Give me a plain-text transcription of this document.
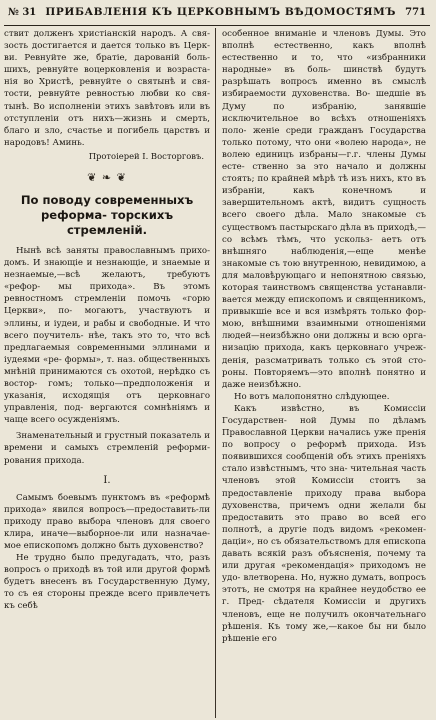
№ 31 ПРИБАВЛЕНІЯ КЪ ЦЕРКОВНЫМЪ ВѢДОМОСТЯМЪ 771

ствит долженъ христіанскій народъ. А свя- зость достигается и дается только въ Церк- ви. Ревнуйте же, братіе, дарованій боль- шихъ, ревнуйте воцерковленія и возраста- нія во Христѣ, ревнуйте о святынѣ и свя- тости, ревнуйте ревностью любви ко свя- тынѣ. Во исполненіи этихъ завѣтовъ или въ отступленіи отъ нихъ—жизнь и смерть, благо и зло, счастье и погибель царствъ и народовъ! Аминь.

Протоіерей І. Восторговъ.
❦ ❧ ❦
По поводу современныхъ реформа- торскихъ стремленій.

Нынѣ всѣ заняты православнымъ прихо- домъ. И знающіе и незнающіе, и знаемые и незнаемые,—всѣ желаютъ, требуютъ «рефор- мы прихода». Въ этомъ ревностномъ стремленіи помочь «горю Церкви», по- могаютъ, участвуютъ и эллины, и іудеи, и рабы и свободные. И что всего поучитель- нѣе, такъ это то, что всѣ предлагаемыя современными эллинами и іудеями «ре- формы», т. наз. общественныхъ мнѣній принимаются съ охотой, нерѣдко съ востор- гомъ; только—предположенія и указанія, исходящія отъ церковнаго управленія, под- вергаются сомнѣніямъ и чаще всего осужденіямъ.

Знаменательный и грустный показатель и времени и самыхъ стремленій реформи- рования прихода.

I.

Самымъ боевымъ пунктомъ въ «реформѣ прихода» явился вопросъ—предоставить-ли приходу право выбора членовъ для своего клира, иначе—выборное-ли или назначае- мое епископомъ должно быть духовенство?

Не трудно было предугадать, что, разъ вопросъ о приходѣ въ той или другой формѣ будетъ внесенъ въ Государственную Думу, то съ ея стороны прежде всего привлечетъ къ себѣ

особенное вниманіе и членовъ Думы. Это вполнѣ естественно, какъ вполнѣ естественно и то, что «избранники народные» въ боль- шинствѣ будутъ разрѣшать вопросъ именно въ смыслѣ избираемости духовенства. Во- шедшіе въ Думу по избранію, занявшіе исключительное во всѣхъ отношеніяхъ поло- женіе среди гражданъ Государства только потому, что они «волею народа», не волею единицъ избраны—г.г. члены Думы есте- ственно за это начало и должны стоять; по крайней мѣрѣ тѣ изъ нихъ, кто въ избраніи, какъ конечномъ и завершительномъ актѣ, видитъ сущность всего своего дѣла. Мало знакомые съ существомъ пастырскаго дѣла въ приходѣ,—со всѣмъ тѣмъ, что ускольз- аетъ отъ внѣшняго наблюденія,—еще менѣе знакомые съ тою внутренною, невидимою, а для маловѣрующаго и непонятною связью, которая таинствомъ священства устанавли- вается между епископомъ и священникомъ, привыкшіе все и вся измѣрять только фор- мою, внѣшними взаимными отношеніями людей—неизбѣжно они должны и всю орга- низацію прихода, какъ церковнаго учреж- денія, разсматривать только съ этой сто- роны. Повторяемъ—это вполнѣ понятно и даже неизбѣжно.

Но вотъ малопонятно слѣдующее.

Какъ извѣстно, въ Комиссіи Государствен- ной Думы по дѣламъ Православной Церкви начались уже пренія по вопросу о реформѣ прихода. Изъ появившихся сообщеній объ этихъ преніяхъ стало извѣстнымъ, что зна- чительная часть членовъ этой Комиссіи стоитъ за предоставленіе приходу права выбора духовенства, причемъ одни желали бы предоставить это право во всей его полнотѣ, а другіе подъ видомъ «рекомен- даціи», но съ обязательствомъ для епископа давать всякій разъ объясненія, почему та или другая «рекомендація» приходомъ не удо- влетворена. Но, нужно думать, вопросъ этотъ, не смотря на крайнее неудобство ее г. Пред- сѣдателя Комиссіи и другихъ членовъ, еще не получилъ окончательнаго рѣшенія. Къ тому же,—какое бы ни было рѣшеніе его
